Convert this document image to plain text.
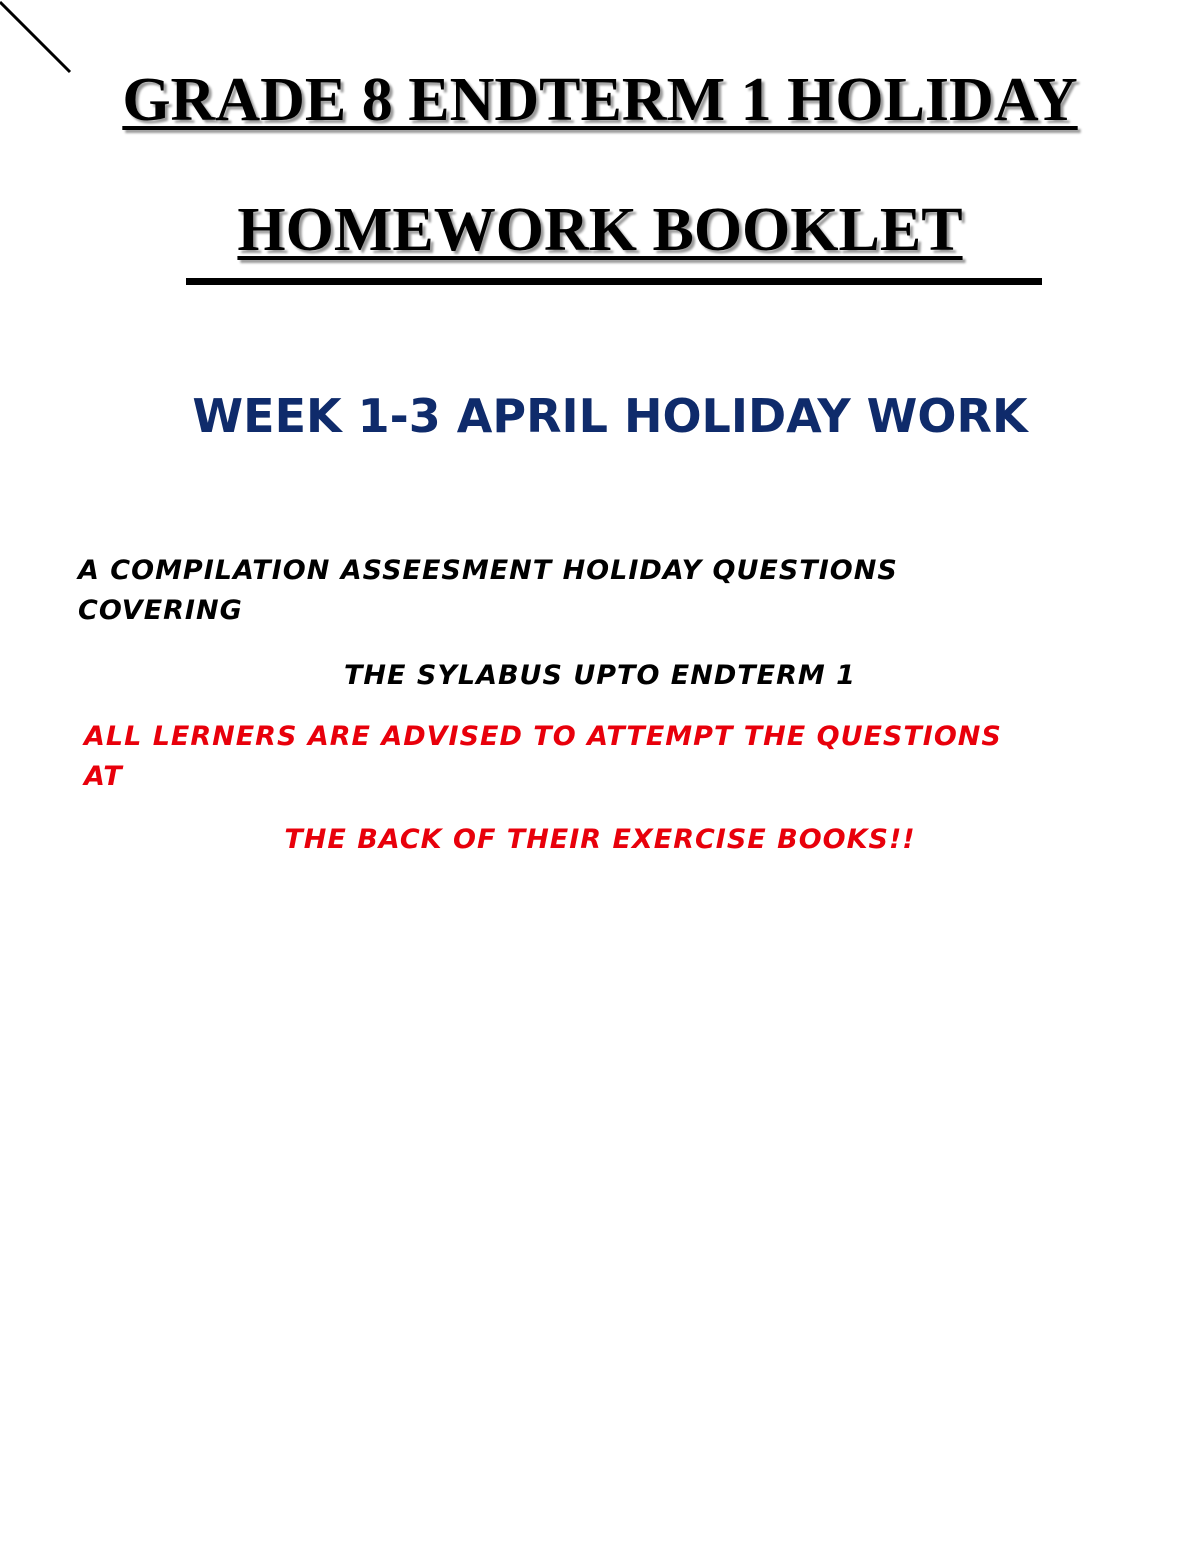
GRADE 8 ENDTERM 1 HOLIDAY
HOMEWORK BOOKLET
WEEK 1-3 APRIL HOLIDAY WORK
A COMPILATION ASSEESMENT HOLIDAY QUESTIONS
COVERING
THE SYLABUS UPTO ENDTERM 1
ALL LERNERS ARE ADVISED TO ATTEMPT THE QUESTIONS
AT
THE BACK OF THEIR EXERCISE BOOKS!!
